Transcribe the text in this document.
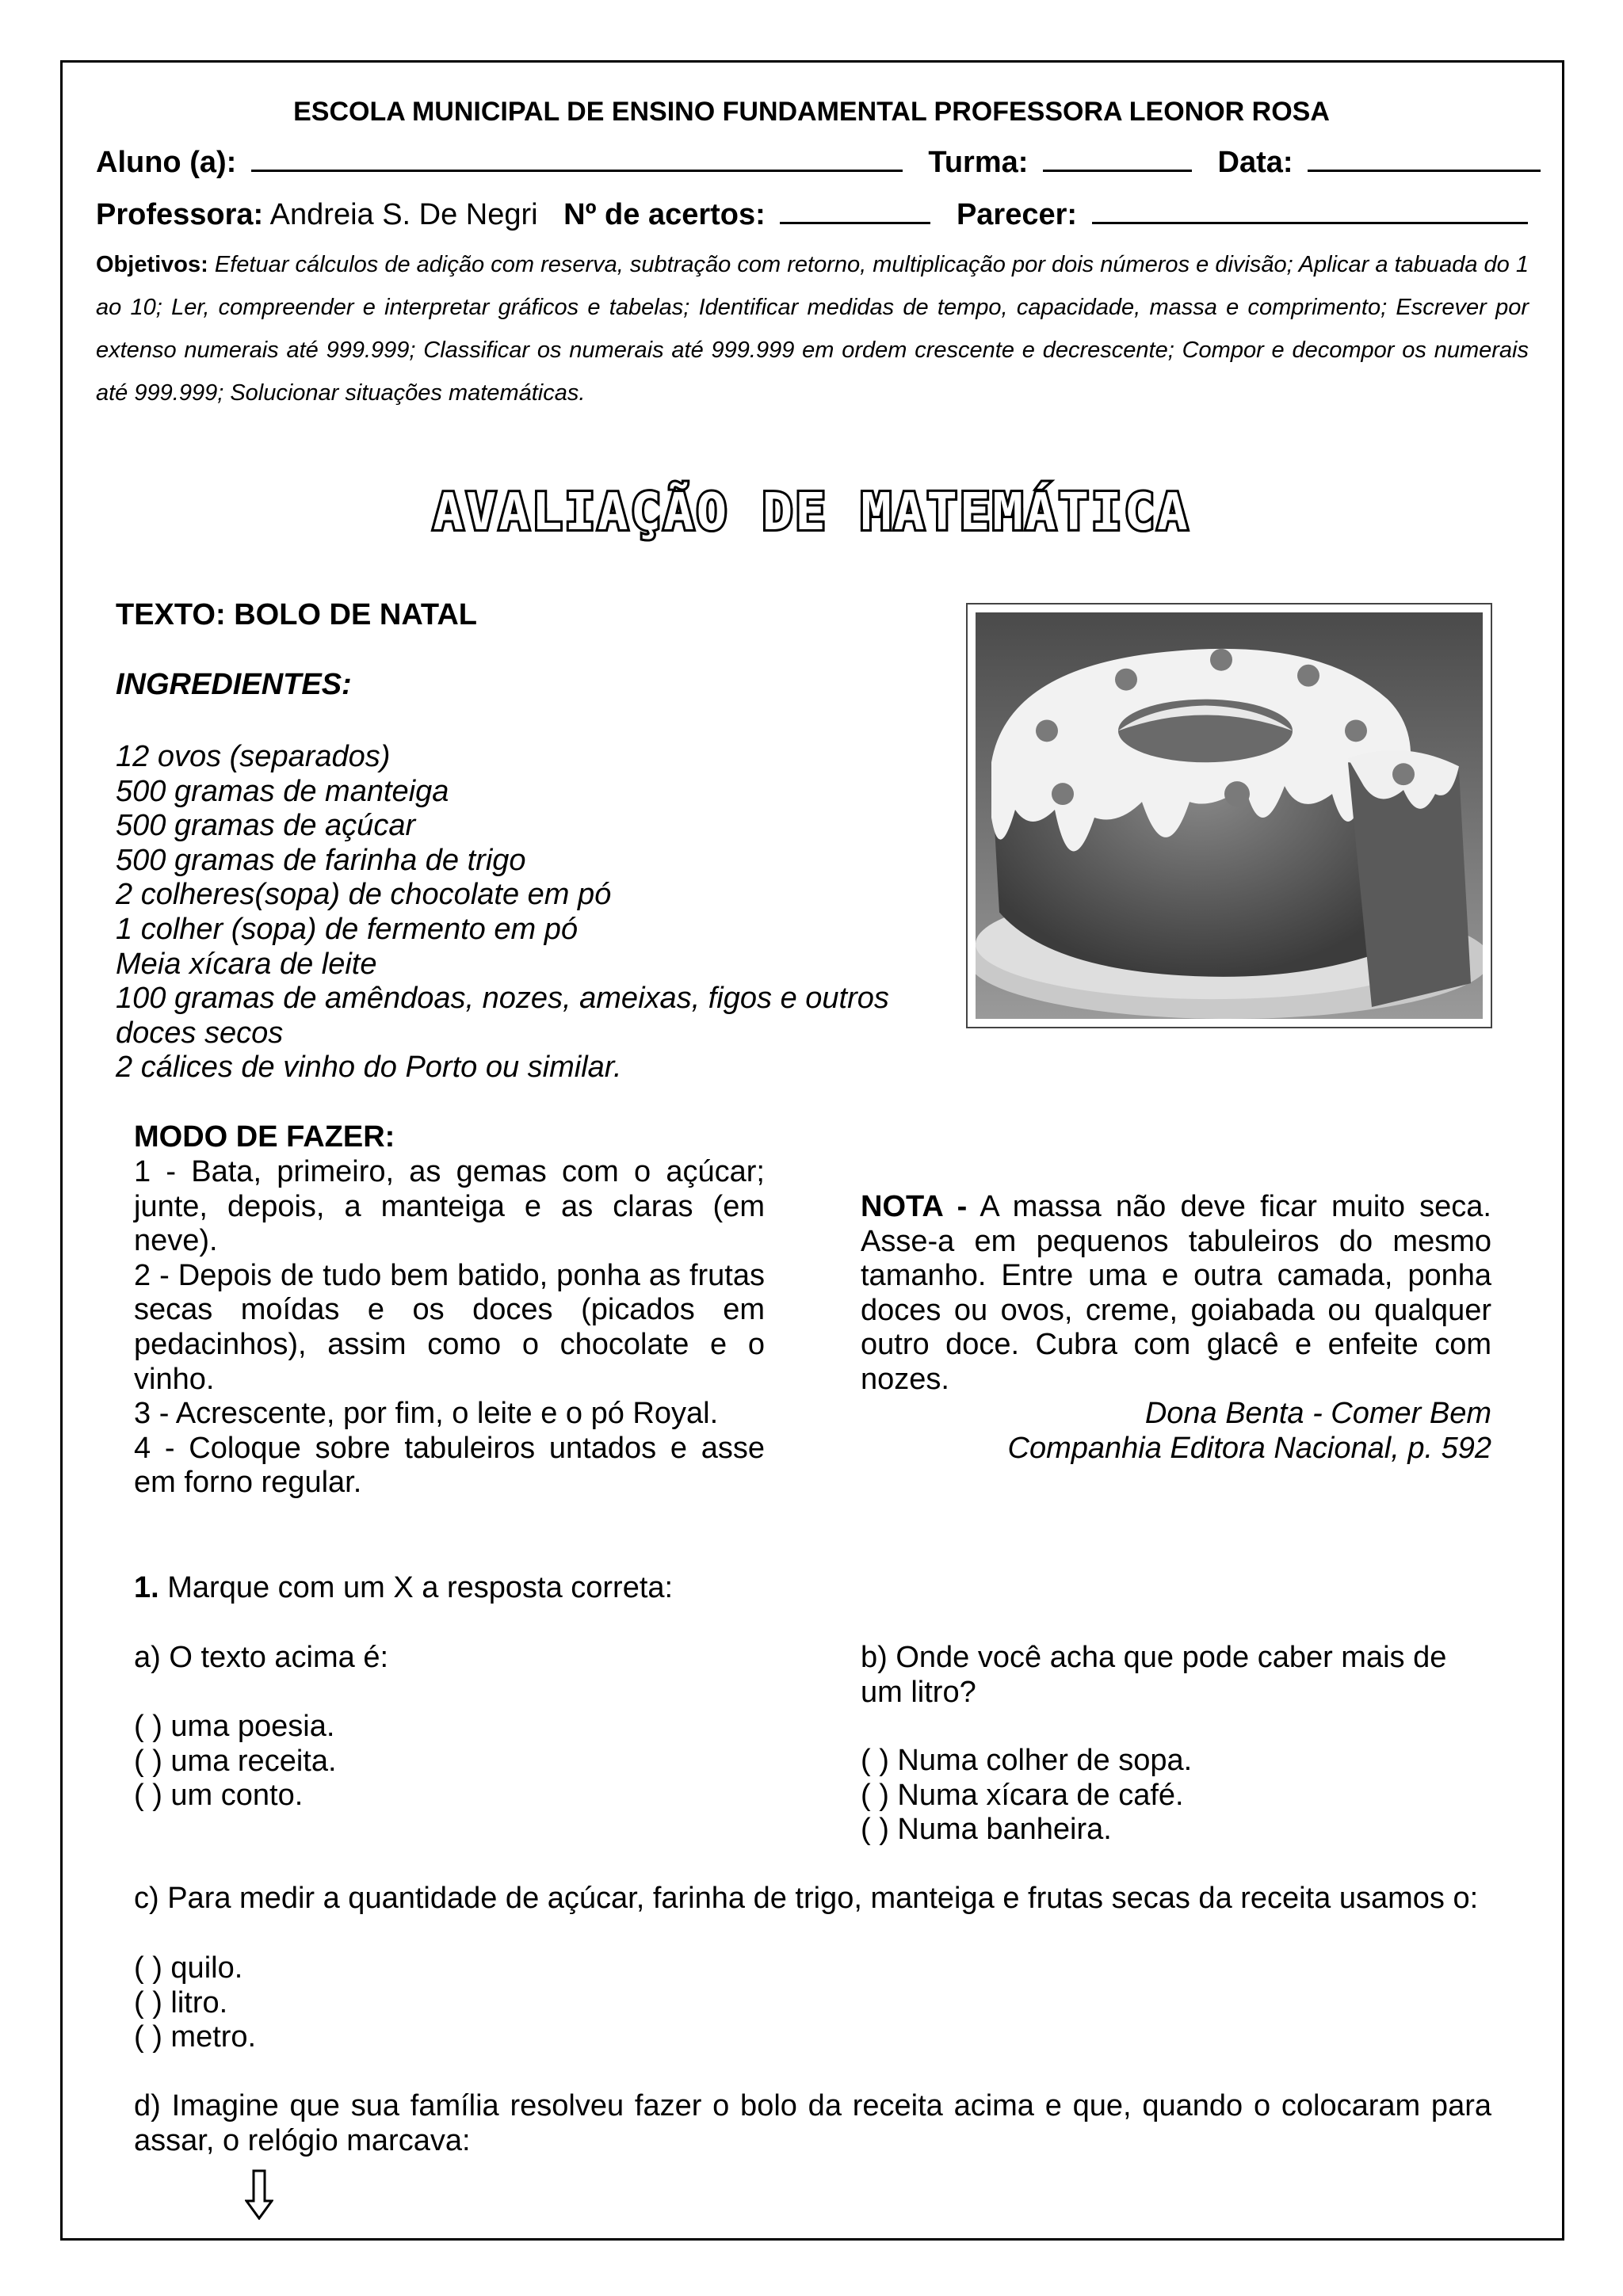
ESCOLA MUNICIPAL DE ENSINO FUNDAMENTAL PROFESSORA LEONOR ROSA
Aluno (a):	Turma:	Data:
Professora: Andreia S. De Negri Nº de acertos:	Parecer:
Objetivos: Efetuar cálculos de adição com reserva, subtração com retorno, multiplicação por dois números e divisão; Aplicar a tabuada do 1 ao 10; Ler, compreender e interpretar gráficos e tabelas; Identificar medidas de tempo, capacidade, massa e comprimento; Escrever por extenso numerais até 999.999; Classificar os numerais até 999.999 em ordem crescente e decrescente; Compor e decompor os numerais até 999.999; Solucionar situações matemáticas.
AVALIAÇÃO DE MATEMÁTICA
TEXTO: BOLO DE NATAL
INGREDIENTES:
12 ovos (separados)
500 gramas de manteiga
500 gramas de açúcar
500 gramas de farinha de trigo
2 colheres(sopa) de chocolate em pó
1 colher (sopa) de fermento em pó
Meia xícara de leite
100 gramas de amêndoas, nozes, ameixas, figos e outros doces secos
2 cálices de vinho do Porto ou similar.
MODO DE FAZER:
1 - Bata, primeiro, as gemas com o açúcar; junte, depois, a manteiga e as claras (em neve).
2 - Depois de tudo bem batido, ponha as frutas secas moídas e os doces (picados em pedacinhos), assim como o chocolate e o vinho.
3 - Acrescente, por fim, o leite e o pó Royal.
4 - Coloque sobre tabuleiros untados e asse em forno regular.
NOTA - A massa não deve ficar muito seca. Asse-a em pequenos tabuleiros do mesmo tamanho. Entre uma e outra camada, ponha doces ou ovos, creme, goiabada ou qualquer outro doce. Cubra com glacê e enfeite com nozes.
Dona Benta - Comer Bem
Companhia Editora Nacional, p. 592
1. Marque com um X a resposta correta:
a) O texto acima é:
( ) uma poesia.
( ) uma receita.
( ) um conto.
b) Onde você acha que pode caber mais de um litro?
( ) Numa colher de sopa.
( ) Numa xícara de café.
( ) Numa banheira.
c) Para medir a quantidade de açúcar, farinha de trigo, manteiga e frutas secas da receita usamos o:
( ) quilo.
( ) litro.
( ) metro.
d) Imagine que sua família resolveu fazer o bolo da receita acima e que, quando o colocaram para assar, o relógio marcava:
